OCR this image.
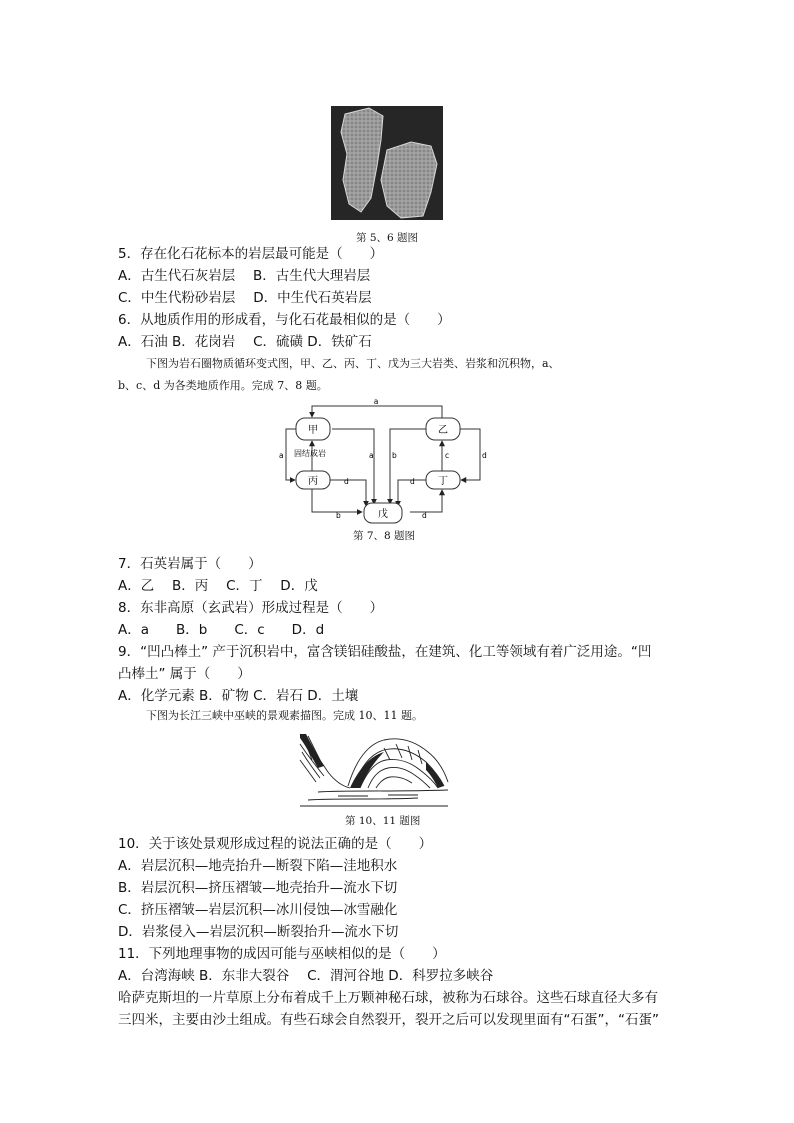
第 5、6 题图
5．存在化石花标本的岩层最可能是（　　）
A．古生代石灰岩层　 B．古生代大理岩层
C．中生代粉砂岩层　 D．中生代石英岩层
6．从地质作用的形成看，与化石花最相似的是（　　）
A．石油 B．花岗岩　 C．硫磺 D．铁矿石
下图为岩石圈物质循环变式图，甲、乙、丙、丁、戊为三大岩类、岩浆和沉积物，a、
b、c、d 为各类地质作用。完成 7、8 题。
甲	乙
丙	丁
戊
固结成岩
a
a	a b	c	d
d	d
b	d
第 7、8 题图
7．石英岩属于（　　）
A．乙　 B．丙　 C．丁　 D．戊
8．东非高原（玄武岩）形成过程是（　　）
A．a　　B．b　　C．c　　D．d
9．“凹凸棒土” 产于沉积岩中，富含镁铝硅酸盐，在建筑、化工等领域有着广泛用途。“凹
凸棒土” 属于（　　）
A．化学元素 B．矿物 C．岩石 D．土壤
下图为长江三峡中巫峡的景观素描图。完成 10、11 题。
第 10、11 题图
10．关于该处景观形成过程的说法正确的是（　　）
A．岩层沉积—地壳抬升—断裂下陷—洼地积水
B．岩层沉积—挤压褶皱—地壳抬升—流水下切
C．挤压褶皱—岩层沉积—冰川侵蚀—冰雪融化
D．岩浆侵入—岩层沉积—断裂抬升—流水下切
11．下列地理事物的成因可能与巫峡相似的是（　　）
A．台湾海峡 B．东非大裂谷　 C．渭河谷地 D．科罗拉多峡谷
哈萨克斯坦的一片草原上分布着成千上万颗神秘石球，被称为石球谷。这些石球直径大多有
三四米，主要由沙土组成。有些石球会自然裂开，裂开之后可以发现里面有“石蛋”，“石蛋”
